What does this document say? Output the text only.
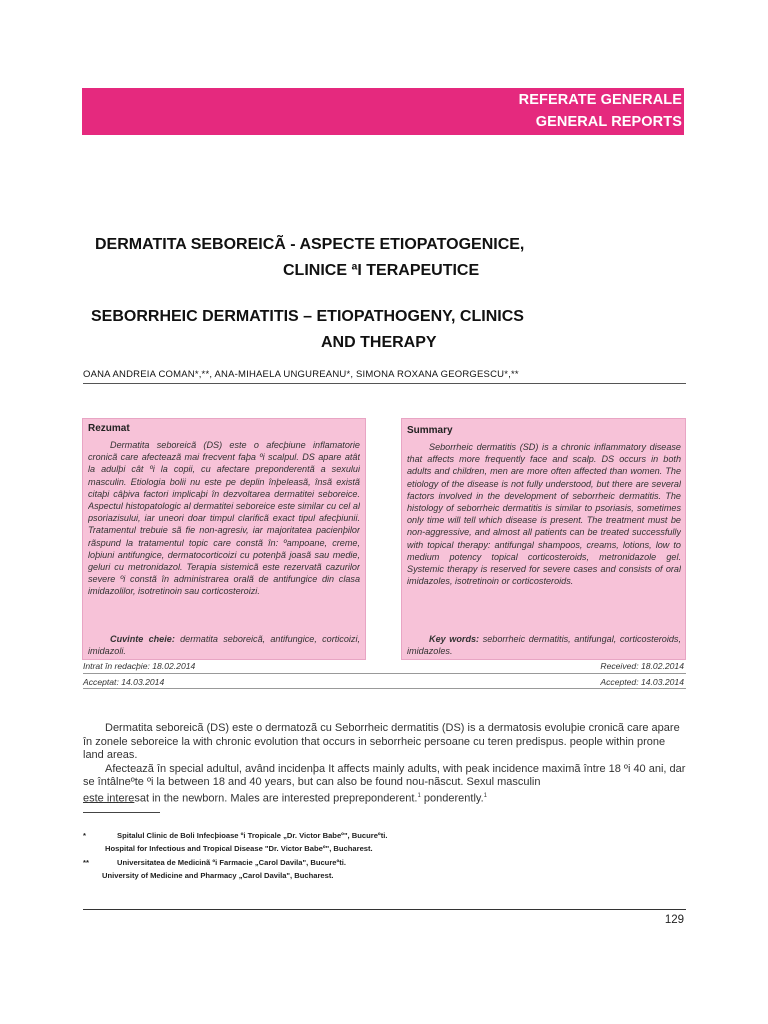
REFERATE GENERALE
GENERAL REPORTS
DERMATITA SEBOREICÃ - ASPECTE ETIOPATOGENICE,
CLINICE ªI TERAPEUTICE
SEBORRHEIC DERMATITIS – ETIOPATHOGENY, CLINICS
AND THERAPY
OANA ANDREIA COMAN*,**, ANA-MIHAELA UNGUREANU*, SIMONA ROXANA GEORGESCU*,**
Rezumat
Dermatita seboreicã (DS) este o afecþiune inflamatorie cronicã care afecteazã mai frecvent faþa ºi scalpul. DS apare atât la adulþi cât ºi la copii, cu afectare preponderentã a sexului masculin. Etiologia bolii nu este pe deplin înþeleasã, însã existã citaþi câþiva factori implicaþi în dezvoltarea dermatitei seboreice. Aspectul histopatologic al dermatitei seboreice este similar cu cel al psoriazisului, iar uneori doar timpul clarificã exact tipul afecþiunii. Tratamentul trebuie sã fie non-agresiv, iar majoritatea pacienþilor rãspund la tratamentul topic care constã în: ºampoane, creme, loþiuni antifungice, dermatocorticoizi cu potenþã joasã sau medie, geluri cu metronidazol. Terapia sistemicã este rezervatã cazurilor severe ºi constã în administrarea oralã de antifungice din clasa imidazolilor, isotretinoin sau corticosteroizi.
Cuvinte cheie: dermatita seboreicã, antifungice, corticoizi, imidazoli.
Summary
Seborrheic dermatitis (SD) is a chronic inflammatory disease that affects more frequently face and scalp. DS occurs in both adults and children, men are more often affected than women. The etiology of the disease is not fully understood, but there are several factors involved in the development of seborrheic dermatitis. The histology of seborrheic dermatitis is similar to psoriasis, sometimes only time will tell which disease is present. The treatment must be non-aggressive, and almost all patients can be treated successfully with topical therapy: antifungal shampoos, creams, lotions, low to medium potency topical corticosteroids, metronidazole gel. Systemic therapy is reserved for severe cases and consists of oral imidazoles, isotretinoin or corticosteroids.
Key words: seborrheic dermatitis, antifungal, corticosteroids, imidazoles.
Intrat în redacþie: 18.02.2014
Acceptat: 14.03.2014
Received: 18.02.2014
Accepted: 14.03.2014
Dermatita seboreicã (DS) este o dermatozã cu Seborrheic dermatitis (DS) is a dermatosis evoluþie cronicã care apare în zonele seboreice la with chronic evolution that occurs in seborrheic persoane cu teren predispus. people within prone land areas.
Afecteazã în special adultul, având incidenþa It affects mainly adults, with peak incidence maximã între 18 ºi 40 ani, dar se întâlneºte ºi la between 18 and 40 years, but can also be found nou-nãscut. Sexul masculin
este interesat in the newborn. Males are interested prepreponderent.$^1$ ponderently.$^1$
*	Spitalul Clinic de Boli Infecþioase ºi Tropicale „Dr. Victor Babeº", Bucureºti.
Hospital for Infectious and Tropical Disease "Dr. Victor Babeº", Bucharest.
**	Universitatea de Medicinã ºi Farmacie „Carol Davila", Bucureºti.
University of Medicine and Pharmacy „Carol Davila", Bucharest.
129
